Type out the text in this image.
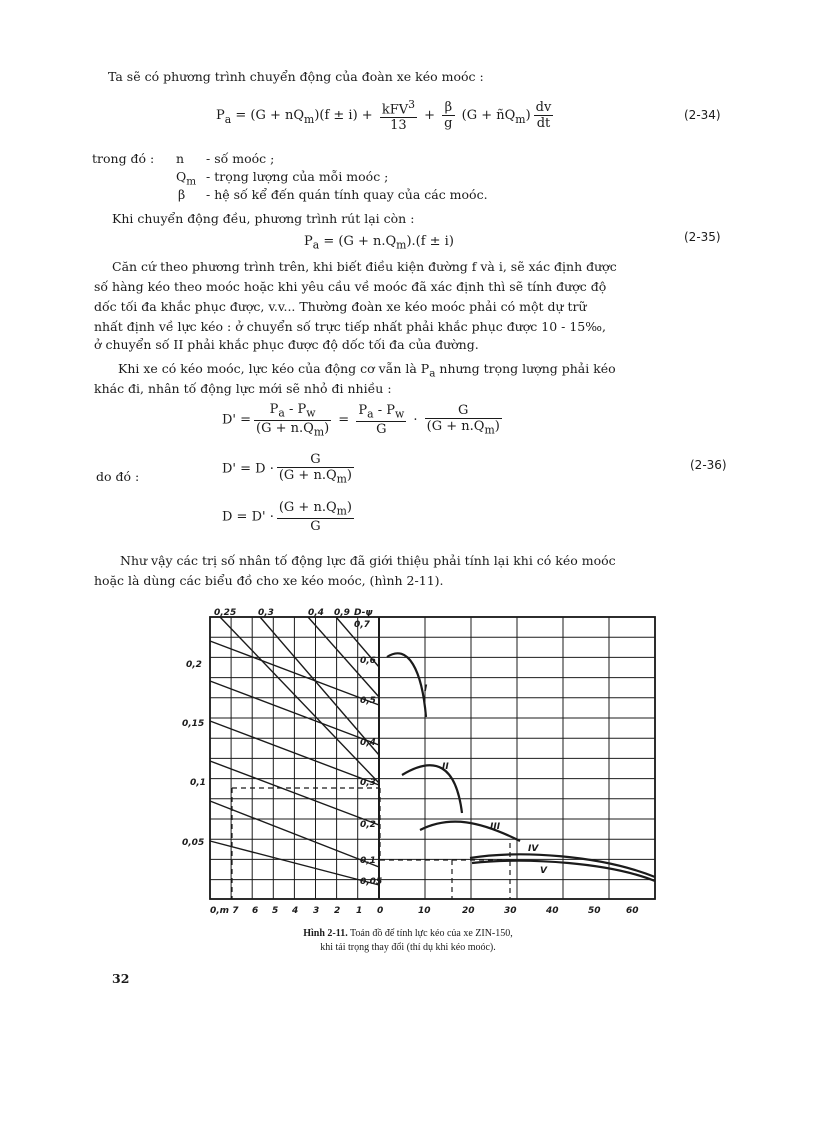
Ta sẽ có phương trình chuyển động của đoàn xe kéo moóc :
$P_a = (G + nQ_m)(f \pm i) + \frac{kFV^3}{13} + \frac{\beta}{g} (G$ + $ñQ_m) \frac{dv}{dt}$	(2-34)
trong đó : n - số moóc ;
$Q_m$ - trọng lượng của mỗi moóc ;
β - hệ số kể đến quán tính quay của các moóc.
Khi chuyển động đều, phương trình rút lại còn :
$P_a = (G + n.Q_m).(f \pm i)$	(2-35)
Căn cứ theo phương trình trên, khi biết điều kiện đường f và i, sẽ xác định được
số hàng kéo theo moóc hoặc khi yêu cầu về moóc đã xác định thì sẽ tính được độ
dốc tối đa khắc phục được, v.v... Thường đoàn xe kéo moóc phải có một dự trữ
nhất định về lực kéo : ở chuyển số trực tiếp nhất phải khắc phục được 10 - 15‰,
ở chuyển số II phải khắc phục được độ dốc tối đa của đường.
Khi xe có kéo moóc, lực kéo của động cơ vẫn là $P_a$ nhưng trọng lượng phải kéo
khác đi, nhân tố động lực mới sẽ nhỏ đi nhiều :
$D' = \frac{P_a - P_w}{(G + n.Q_m)} = \frac{P_a - P_w}{G} \cdot \frac{G}{(G + n.Q_m)}$
do đó :
$D' = D \cdot \frac{G}{(G + n.Q_m)}$	(2-36)
$D = D' \cdot \frac{(G + n.Q_m)}{G}$
Như vậy các trị số nhân tố động lực đã giới thiệu phải tính lại khi có kéo moóc
hoặc là dùng các biểu đồ cho xe kéo moóc, (hình 2-11).
0,25 0,3	0,4 0,9 D-ψ
0,7
0,2
0,15
0,1
0,05
0,6
0,5
0,4
0,3
0,2
0,1
0,05
0,m 7 6 5 4 3 2 1 0	10	20	30	40	50	60
I
II
III
IV
V
Hình 2-11. Toán đồ để tính lực kéo của xe ZIN-150,
khi tải trọng thay đổi (thí dụ khi kéo moóc).
32
